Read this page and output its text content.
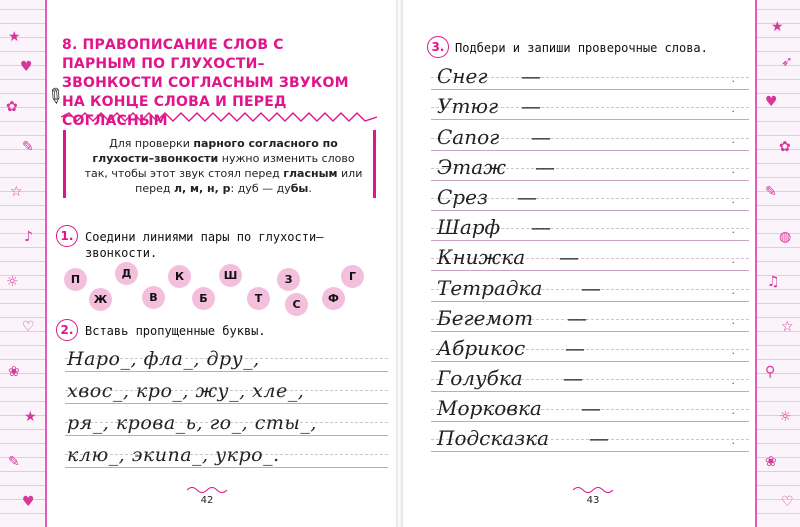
★
♥
✿
✎
☆
♪
☼
♡
❀
★
✎
♥
8. ПРАВОПИСАНИЕ СЛОВ С ПАРНЫМ ПО ГЛУХОСТИ–ЗВОНКОСТИ СОГЛАСНЫМ ЗВУКОМ НА КОНЦЕ СЛОВА И ПЕРЕД СОГЛАСНЫМ
✎
Для проверки парного согласного по глухости–звонкости нужно изменить слово так, чтобы этот звук стоял перед гласным или перед л, м, н, р: дуб — дубы.
1. Соедини линиями пары по глухости–звонкости.
П	Д	К	Ш	З	Г
Ж	В	Б	Т	С	Ф
2. Вставь пропущенные буквы.
Наро_, фла_, дру_,
хвос_, кро_, жу_, хле_,
ря_, крова_ь, го_, сты_,
клю_, экипа_, укро_.
42
3. Подбери и запиши проверочные слова.
Снег —	.
Утюг —	.
Сапог —	.
Этаж —	.
Срез —	.
Шарф —	.
Книжка —	.
Тетрадка —	.
Бегемот —	.
Абрикос —	.
Голубка —	.
Морковка —	.
Подсказка —	.
43
★
➶
♥
✿
✎
◍
♫
☆
⚲
☼
❀
♡
